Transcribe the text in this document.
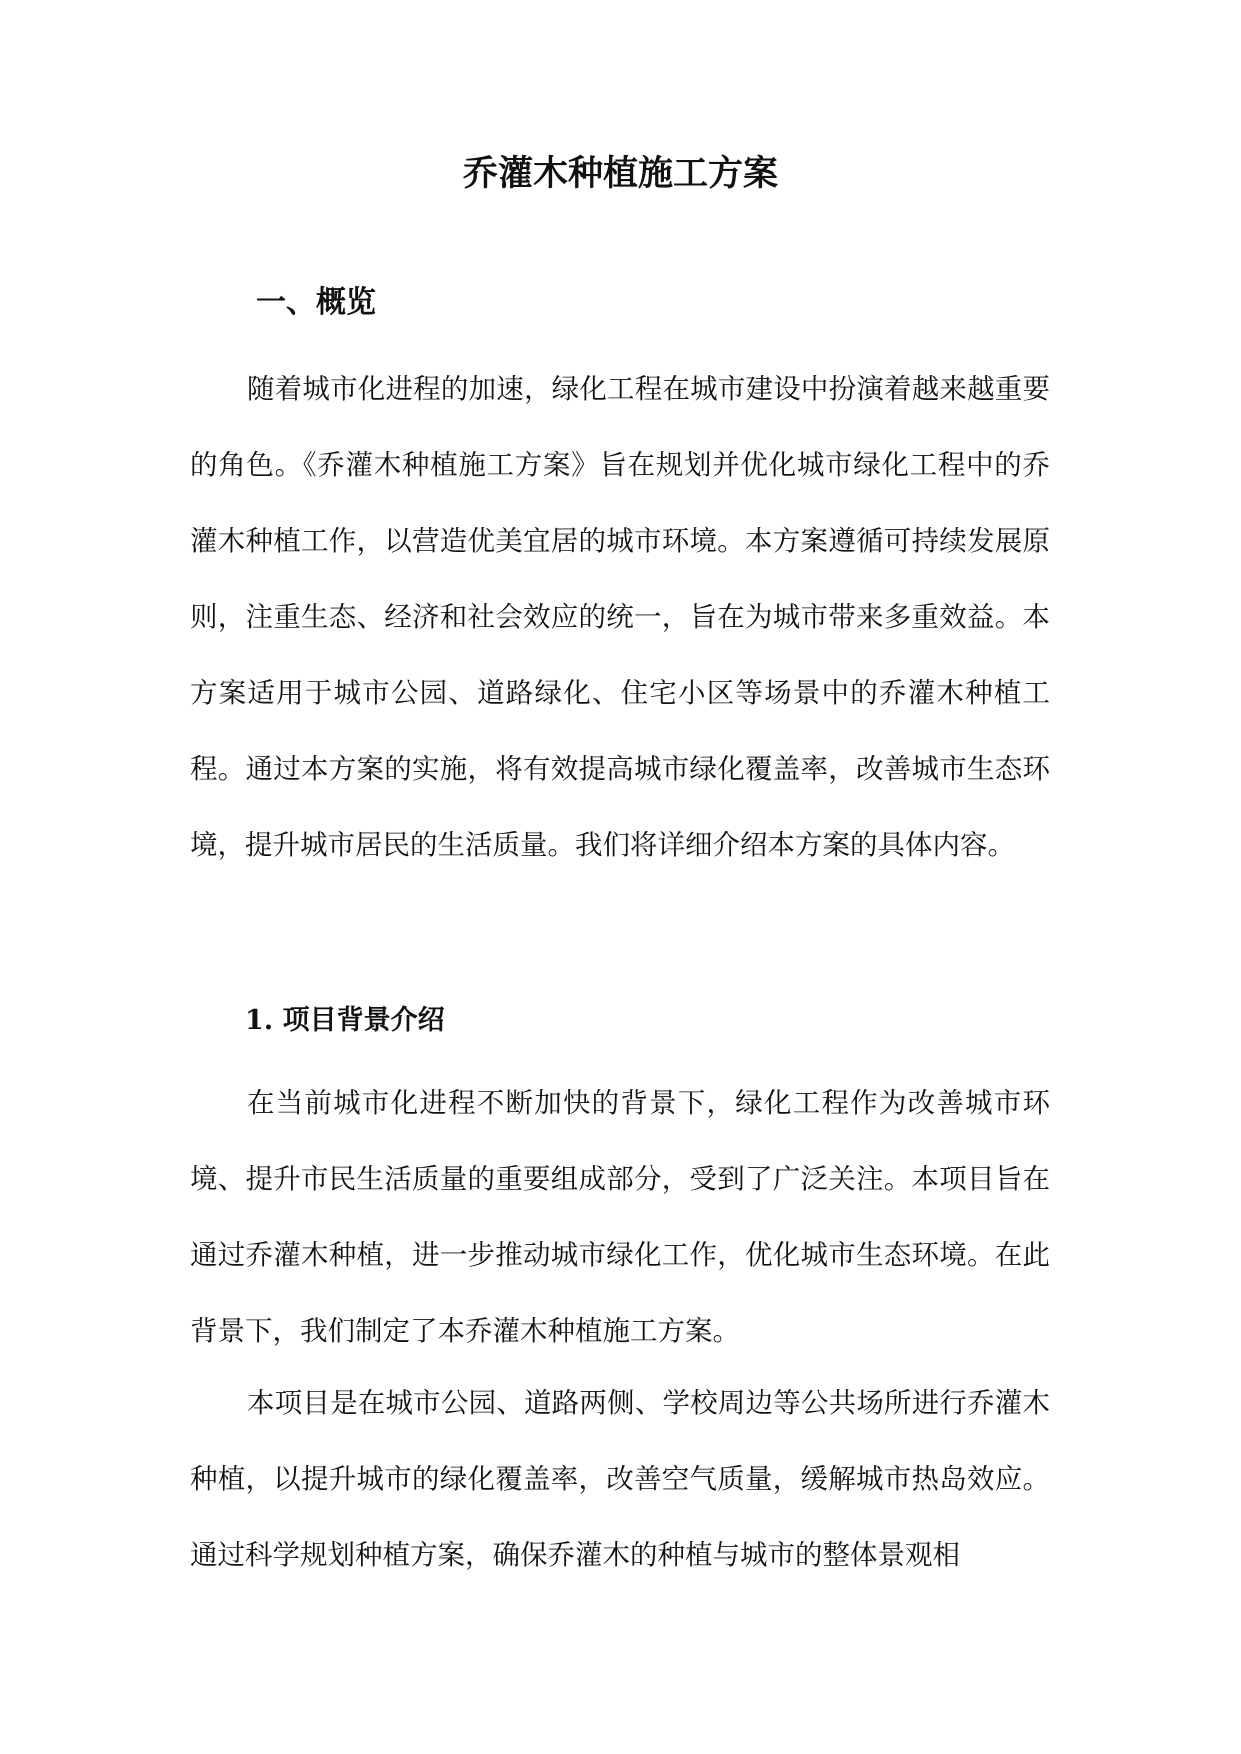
乔灌木种植施工方案
一、概览

随着城市化进程的加速，绿化工程在城市建设中扮演着越来越重要的角色。《乔灌木种植施工方案》旨在规划并优化城市绿化工程中的乔灌木种植工作，以营造优美宜居的城市环境。本方案遵循可持续发展原则，注重生态、经济和社会效应的统一，旨在为城市带来多重效益。本方案适用于城市公园、道路绿化、住宅小区等场景中的乔灌木种植工程。通过本方案的实施，将有效提高城市绿化覆盖率，改善城市生态环境，提升城市居民的生活质量。我们将详细介绍本方案的具体内容。

1. 项目背景介绍

在当前城市化进程不断加快的背景下，绿化工程作为改善城市环境、提升市民生活质量的重要组成部分，受到了广泛关注。本项目旨在通过乔灌木种植，进一步推动城市绿化工作，优化城市生态环境。在此背景下，我们制定了本乔灌木种植施工方案。

本项目是在城市公园、道路两侧、学校周边等公共场所进行乔灌木种植，以提升城市的绿化覆盖率，改善空气质量，缓解城市热岛效应。通过科学规划种植方案，确保乔灌木的种植与城市的整体景观相
